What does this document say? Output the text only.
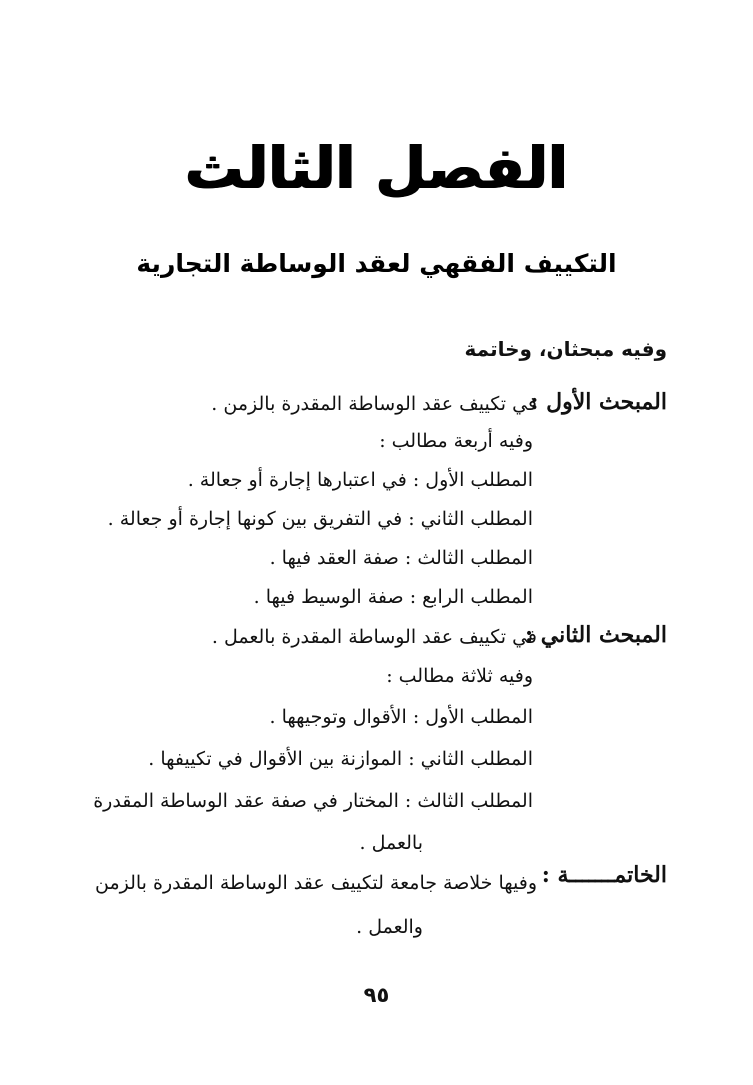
الفصل الثالث
التكييف الفقهي لعقد الوساطة التجارية
وفيه مبحثان، وخاتمة
المبحث الأول :
في تكييف عقد الوساطة المقدرة بالزمن .
وفيه أربعة مطالب :
المطلب الأول : في اعتبارها إجارة أو جعالة .
المطلب الثاني : في التفريق بين كونها إجارة أو جعالة .
المطلب الثالث : صفة العقد فيها .
المطلب الرابع : صفة الوسيط فيها .
المبحث الثاني :
في تكييف عقد الوساطة المقدرة بالعمل .
وفيه ثلاثة مطالب :
المطلب الأول : الأقوال وتوجيهها .
المطلب الثاني : الموازنة بين الأقوال في تكييفها .
المطلب الثالث : المختار في صفة عقد الوساطة المقدرة
بالعمل .
الخاتمـــــــة :
وفيها خلاصة جامعة لتكييف عقد الوساطة المقدرة بالزمن
والعمل .
٩٥
